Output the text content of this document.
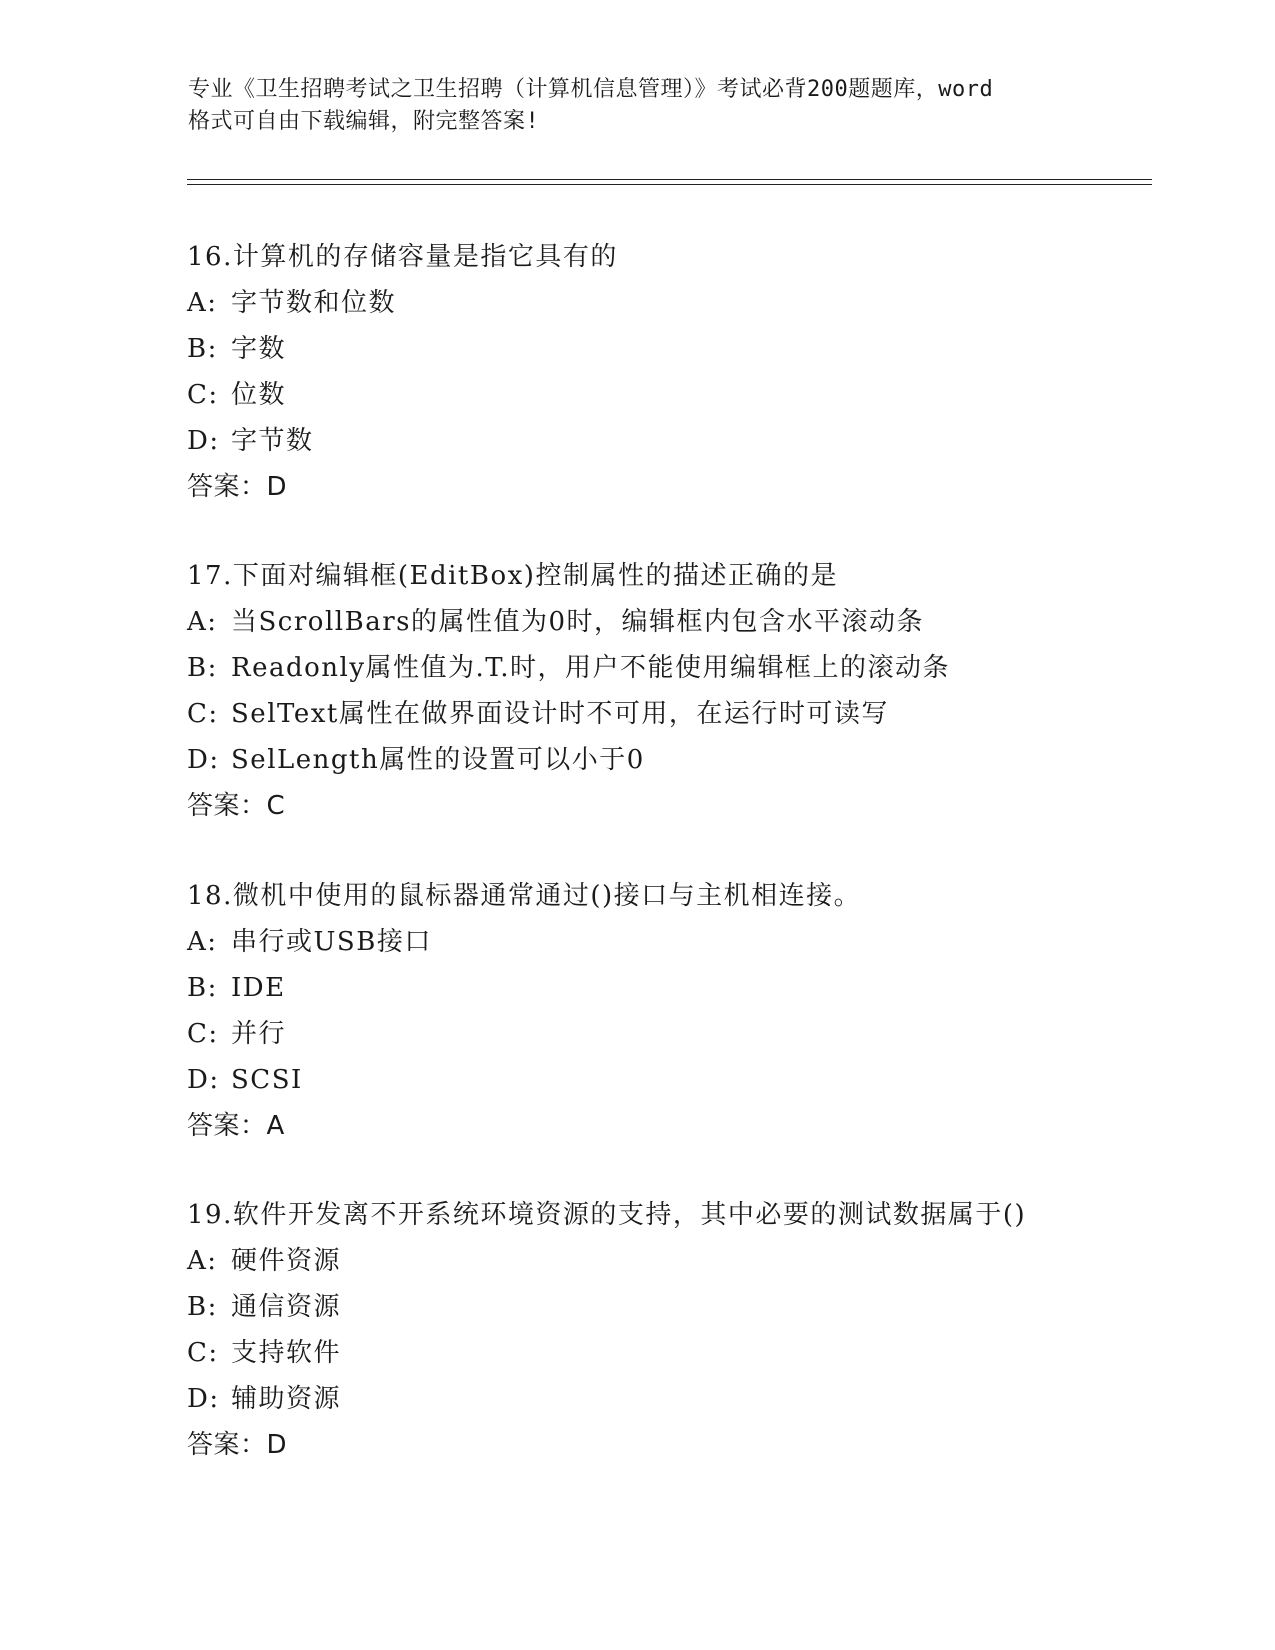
专业《卫生招聘考试之卫生招聘（计算机信息管理）》考试必背200题题库，word
格式可自由下载编辑，附完整答案!
16.计算机的存储容量是指它具有的
A: 字节数和位数
B: 字数
C: 位数
D: 字节数
答案：D
17.下面对编辑框(EditBox)控制属性的描述正确的是
A: 当ScrollBars的属性值为0时，编辑框内包含水平滚动条
B: Readonly属性值为.T.时，用户不能使用编辑框上的滚动条
C: SelText属性在做界面设计时不可用，在运行时可读写
D: SelLength属性的设置可以小于0
答案：C
18.微机中使用的鼠标器通常通过()接口与主机相连接。
A: 串行或USB接口
B: IDE
C: 并行
D: SCSI
答案：A
19.软件开发离不开系统环境资源的支持，其中必要的测试数据属于()
A: 硬件资源
B: 通信资源
C: 支持软件
D: 辅助资源
答案：D
